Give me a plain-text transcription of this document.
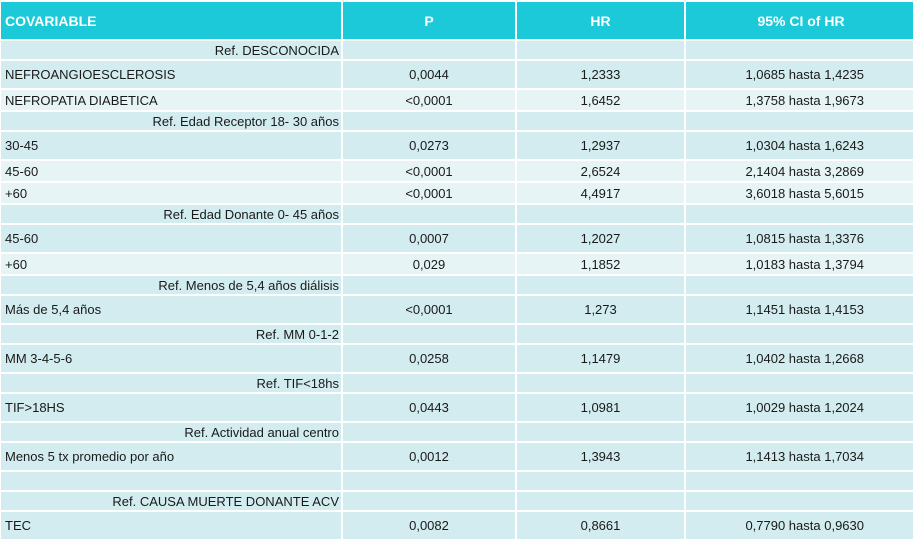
COVARIABLE	P	HR	95% CI of HR
Ref. DESCONOCIDA			
NEFROANGIOESCLEROSIS	0,0044	1,2333	1,0685 hasta 1,4235
NEFROPATIA DIABETICA	<0,0001	1,6452	1,3758 hasta 1,9673
Ref. Edad Receptor 18- 30 años			
30-45	0,0273	1,2937	1,0304 hasta 1,6243
45-60	<0,0001	2,6524	2,1404 hasta 3,2869
+60	<0,0001	4,4917	3,6018 hasta 5,6015
Ref. Edad Donante 0- 45 años			
45-60	0,0007	1,2027	1,0815 hasta 1,3376
+60	0,029	1,1852	1,0183 hasta 1,3794
Ref. Menos de 5,4 años diálisis			
Más de 5,4 años	<0,0001	1,273	1,1451 hasta 1,4153
Ref. MM 0-1-2			
MM 3-4-5-6	0,0258	1,1479	1,0402 hasta 1,2668
Ref. TIF<18hs			
TIF>18HS	0,0443	1,0981	1,0029 hasta 1,2024
Ref. Actividad anual centro			
Menos 5 tx promedio por año	0,0012	1,3943	1,1413 hasta 1,7034

Ref. CAUSA MUERTE DONANTE ACV			
TEC	0,0082	0,8661	0,7790 hasta 0,9630
